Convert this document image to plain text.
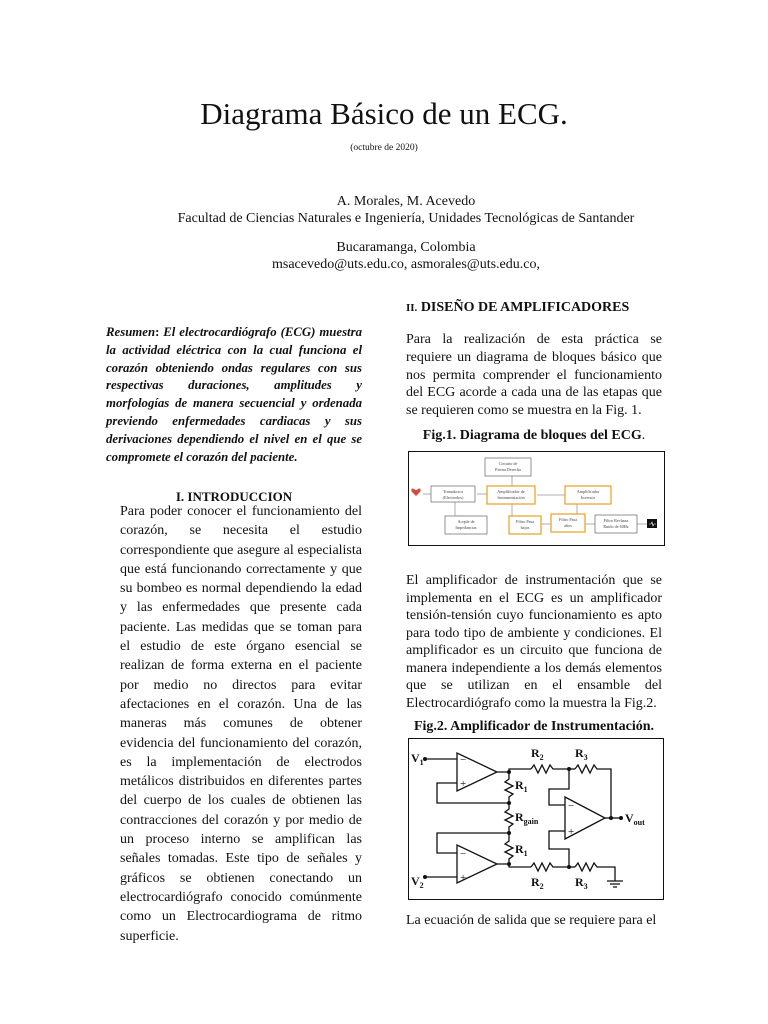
Diagrama Básico de un ECG.
(octubre de 2020)
A. Morales, M. Acevedo
Facultad de Ciencias Naturales e Ingeniería, Unidades Tecnológicas de Santander
Bucaramanga, Colombia
msacevedo@uts.edu.co, asmorales@uts.edu.co,
Resumen: El electrocardiógrafo (ECG) muestra la actividad eléctrica con la cual funciona el corazón obteniendo ondas regulares con sus respectivas duraciones, amplitudes y morfologías de manera secuencial y ordenada previendo enfermedades cardiacas y sus derivaciones dependiendo el nivel en el que se compromete el corazón del paciente.
I. INTRODUCCION
Para poder conocer el funcionamiento del corazón, se necesita el estudio correspondiente que asegure al especialista que está funcionando correctamente y que su bombeo es normal dependiendo la edad y las enfermedades que presente cada paciente. Las medidas que se toman para el estudio de este órgano esencial se realizan de forma externa en el paciente por medio no directos para evitar afectaciones en el corazón. Una de las maneras más comunes de obtener evidencia del funcionamiento del corazón, es la implementación de electrodos metálicos distribuidos en diferentes partes del cuerpo de los cuales de obtienen las contracciones del corazón y por medio de un proceso interno se amplifican las señales tomadas. Este tipo de señales y gráficos se obtienen conectando un electrocardiógrafo conocido comúnmente como un Electrocardiograma de ritmo superficie.
II. DISEÑO DE AMPLIFICADORES
Para la realización de esta práctica se requiere un diagrama de bloques básico que nos permita comprender el funcionamiento del ECG acorde a cada una de las etapas que se requieren como se muestra en la Fig. 1.
Fig.1. Diagrama de bloques del ECG.
Circuito de
Pierna Derecha
Transductor
(Electrodos)
Amplificador de
Instrumentación
Amplificador
Inversor
Acople de
Impedancias
Filtro Pasa
bajos
Filtro Pasa
altos
Filtro Rechaza
Ruido de 60Hz
El amplificador de instrumentación que se implementa en el ECG es un amplificador tensión-tensión cuyo funcionamiento es apto para todo tipo de ambiente y condiciones. El amplificador es un circuito que funciona de manera independiente a los demás elementos que se utilizan en el ensamble del Electrocardiógrafo como la muestra la Fig.2.
Fig.2. Amplificador de Instrumentación.
−
+
−
+
−
+
$V_1$
$V_2$
$R_2$	$R_3$
$R_1$
$R_{gain}$
$R_1$
$R_2$	$R_3$
$V_{out}$
La ecuación de salida que se requiere para el
